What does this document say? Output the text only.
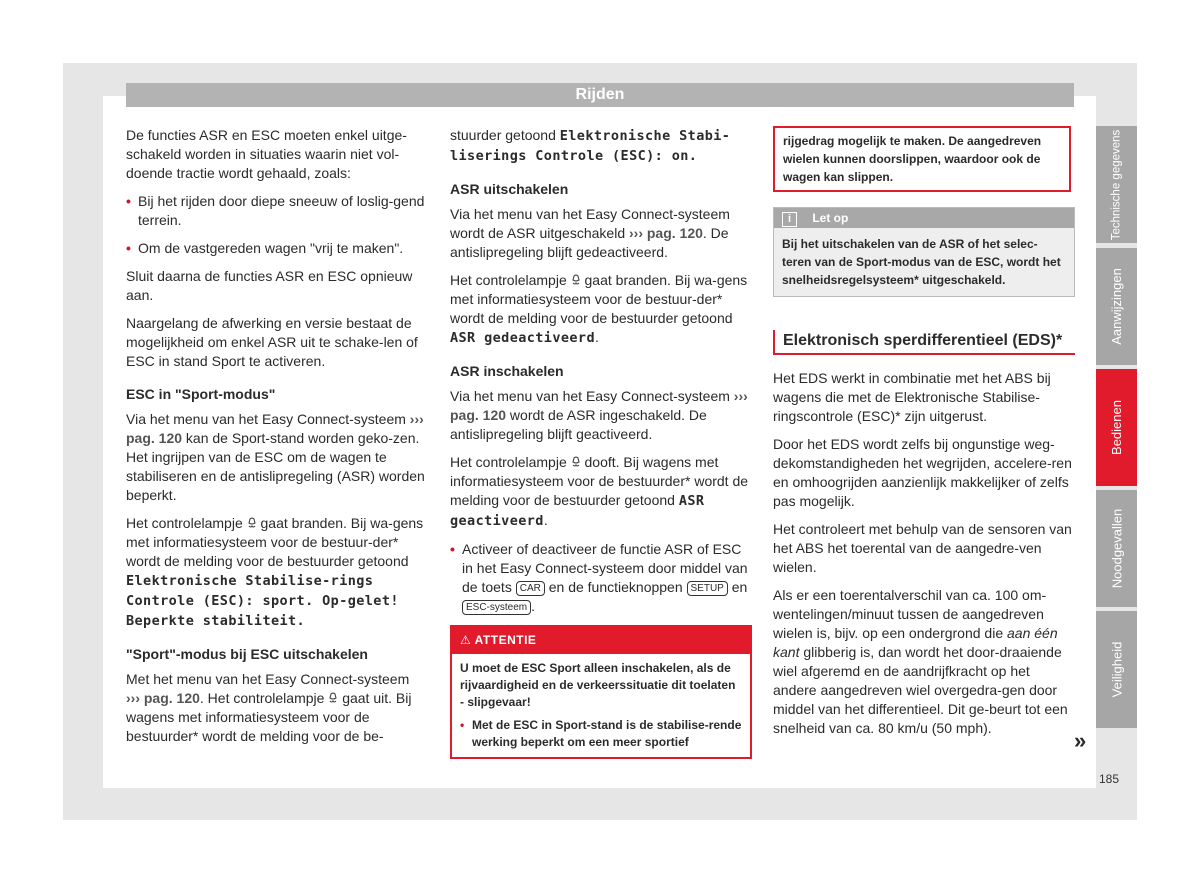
Rijden

De functies ASR en ESC moeten enkel uitge-schakeld worden in situaties waarin niet vol-doende tractie wordt gehaald, zoals:

• Bij het rijden door diepe sneeuw of loslig-gend terrein.

• Om de vastgereden wagen "vrij te maken".

Sluit daarna de functies ASR en ESC opnieuw aan.

Naargelang de afwerking en versie bestaat de mogelijkheid om enkel ASR uit te schake-len of ESC in stand Sport te activeren.

ESC in "Sport-modus"

Via het menu van het Easy Connect-systeem ››› pag. 120 kan de Sport-stand worden geko-zen. Het ingrijpen van de ESC om de wagen te stabiliseren en de antislipregeling (ASR) worden beperkt.

Het controlelampje gaat branden. Bij wa-gens met informatiesysteem voor de bestuur-der* wordt de melding voor de bestuurder getoond Elektronische Stabilise-rings Controle (ESC): sport. Op-gelet! Beperkte stabiliteit.

"Sport"-modus bij ESC uitschakelen

Met het menu van het Easy Connect-systeem ››› pag. 120. Het controlelampje gaat uit. Bij wagens met informatiesysteem voor de bestuurder* wordt de melding voor de be-

stuurder getoond Elektronische Stabi-liserings Controle (ESC): on.

ASR uitschakelen

Via het menu van het Easy Connect-systeem wordt de ASR uitgeschakeld ››› pag. 120. De antislipregeling blijft gedeactiveerd.

Het controlelampje gaat branden. Bij wa-gens met informatiesysteem voor de bestuur-der* wordt de melding voor de bestuurder getoond ASR gedeactiveerd.

ASR inschakelen

Via het menu van het Easy Connect-systeem ››› pag. 120 wordt de ASR ingeschakeld. De antislipregeling blijft geactiveerd.

Het controlelampje dooft. Bij wagens met informatiesysteem voor de bestuurder* wordt de melding voor de bestuurder getoond ASR geactiveerd.

• Activeer of deactiveer de functie ASR of ESC in het Easy Connect-systeem door middel van de toets CAR en de functieknoppen SETUP en ESC-systeem .

⚠ ATTENTIE

U moet de ESC Sport alleen inschakelen, als de rijvaardigheid en de verkeerssituatie dit toelaten - slipgevaar!

• Met de ESC in Sport-stand is de stabilise-rende werking beperkt om een meer sportief

rijgedrag mogelijk te maken. De aangedreven wielen kunnen doorslippen, waardoor ook de wagen kan slippen.
i Let op
Bij het uitschakelen van de ASR of het selec-teren van de Sport-modus van de ESC, wordt het snelheidsregelsysteem* uitgeschakeld.
Elektronisch sperdifferentieel (EDS)*

Het EDS werkt in combinatie met het ABS bij wagens die met de Elektronische Stabilise-ringscontrole (ESC)* zijn uitgerust.

Door het EDS wordt zelfs bij ongunstige weg-dekomstandigheden het wegrijden, accelere-ren en omhoogrijden aanzienlijk makkelijker of zelfs pas mogelijk.

Het controleert met behulp van de sensoren van het ABS het toerental van de aangedre-ven wielen.

Als er een toerentalverschil van ca. 100 om-wentelingen/minuut tussen de aangedreven wielen is, bijv. op een ondergrond die aan één kant glibberig is, dan wordt het door-draaiende wiel afgeremd en de aandrijfkracht op het andere aangedreven wiel overgedra-gen door middel van het differentieel. Dit ge-beurt tot een snelheid van ca. 80 km/u (50 mph).	»
Technische gegevens
Aanwijzingen
Bedienen
Noodgevallen
Veiligheid
185
